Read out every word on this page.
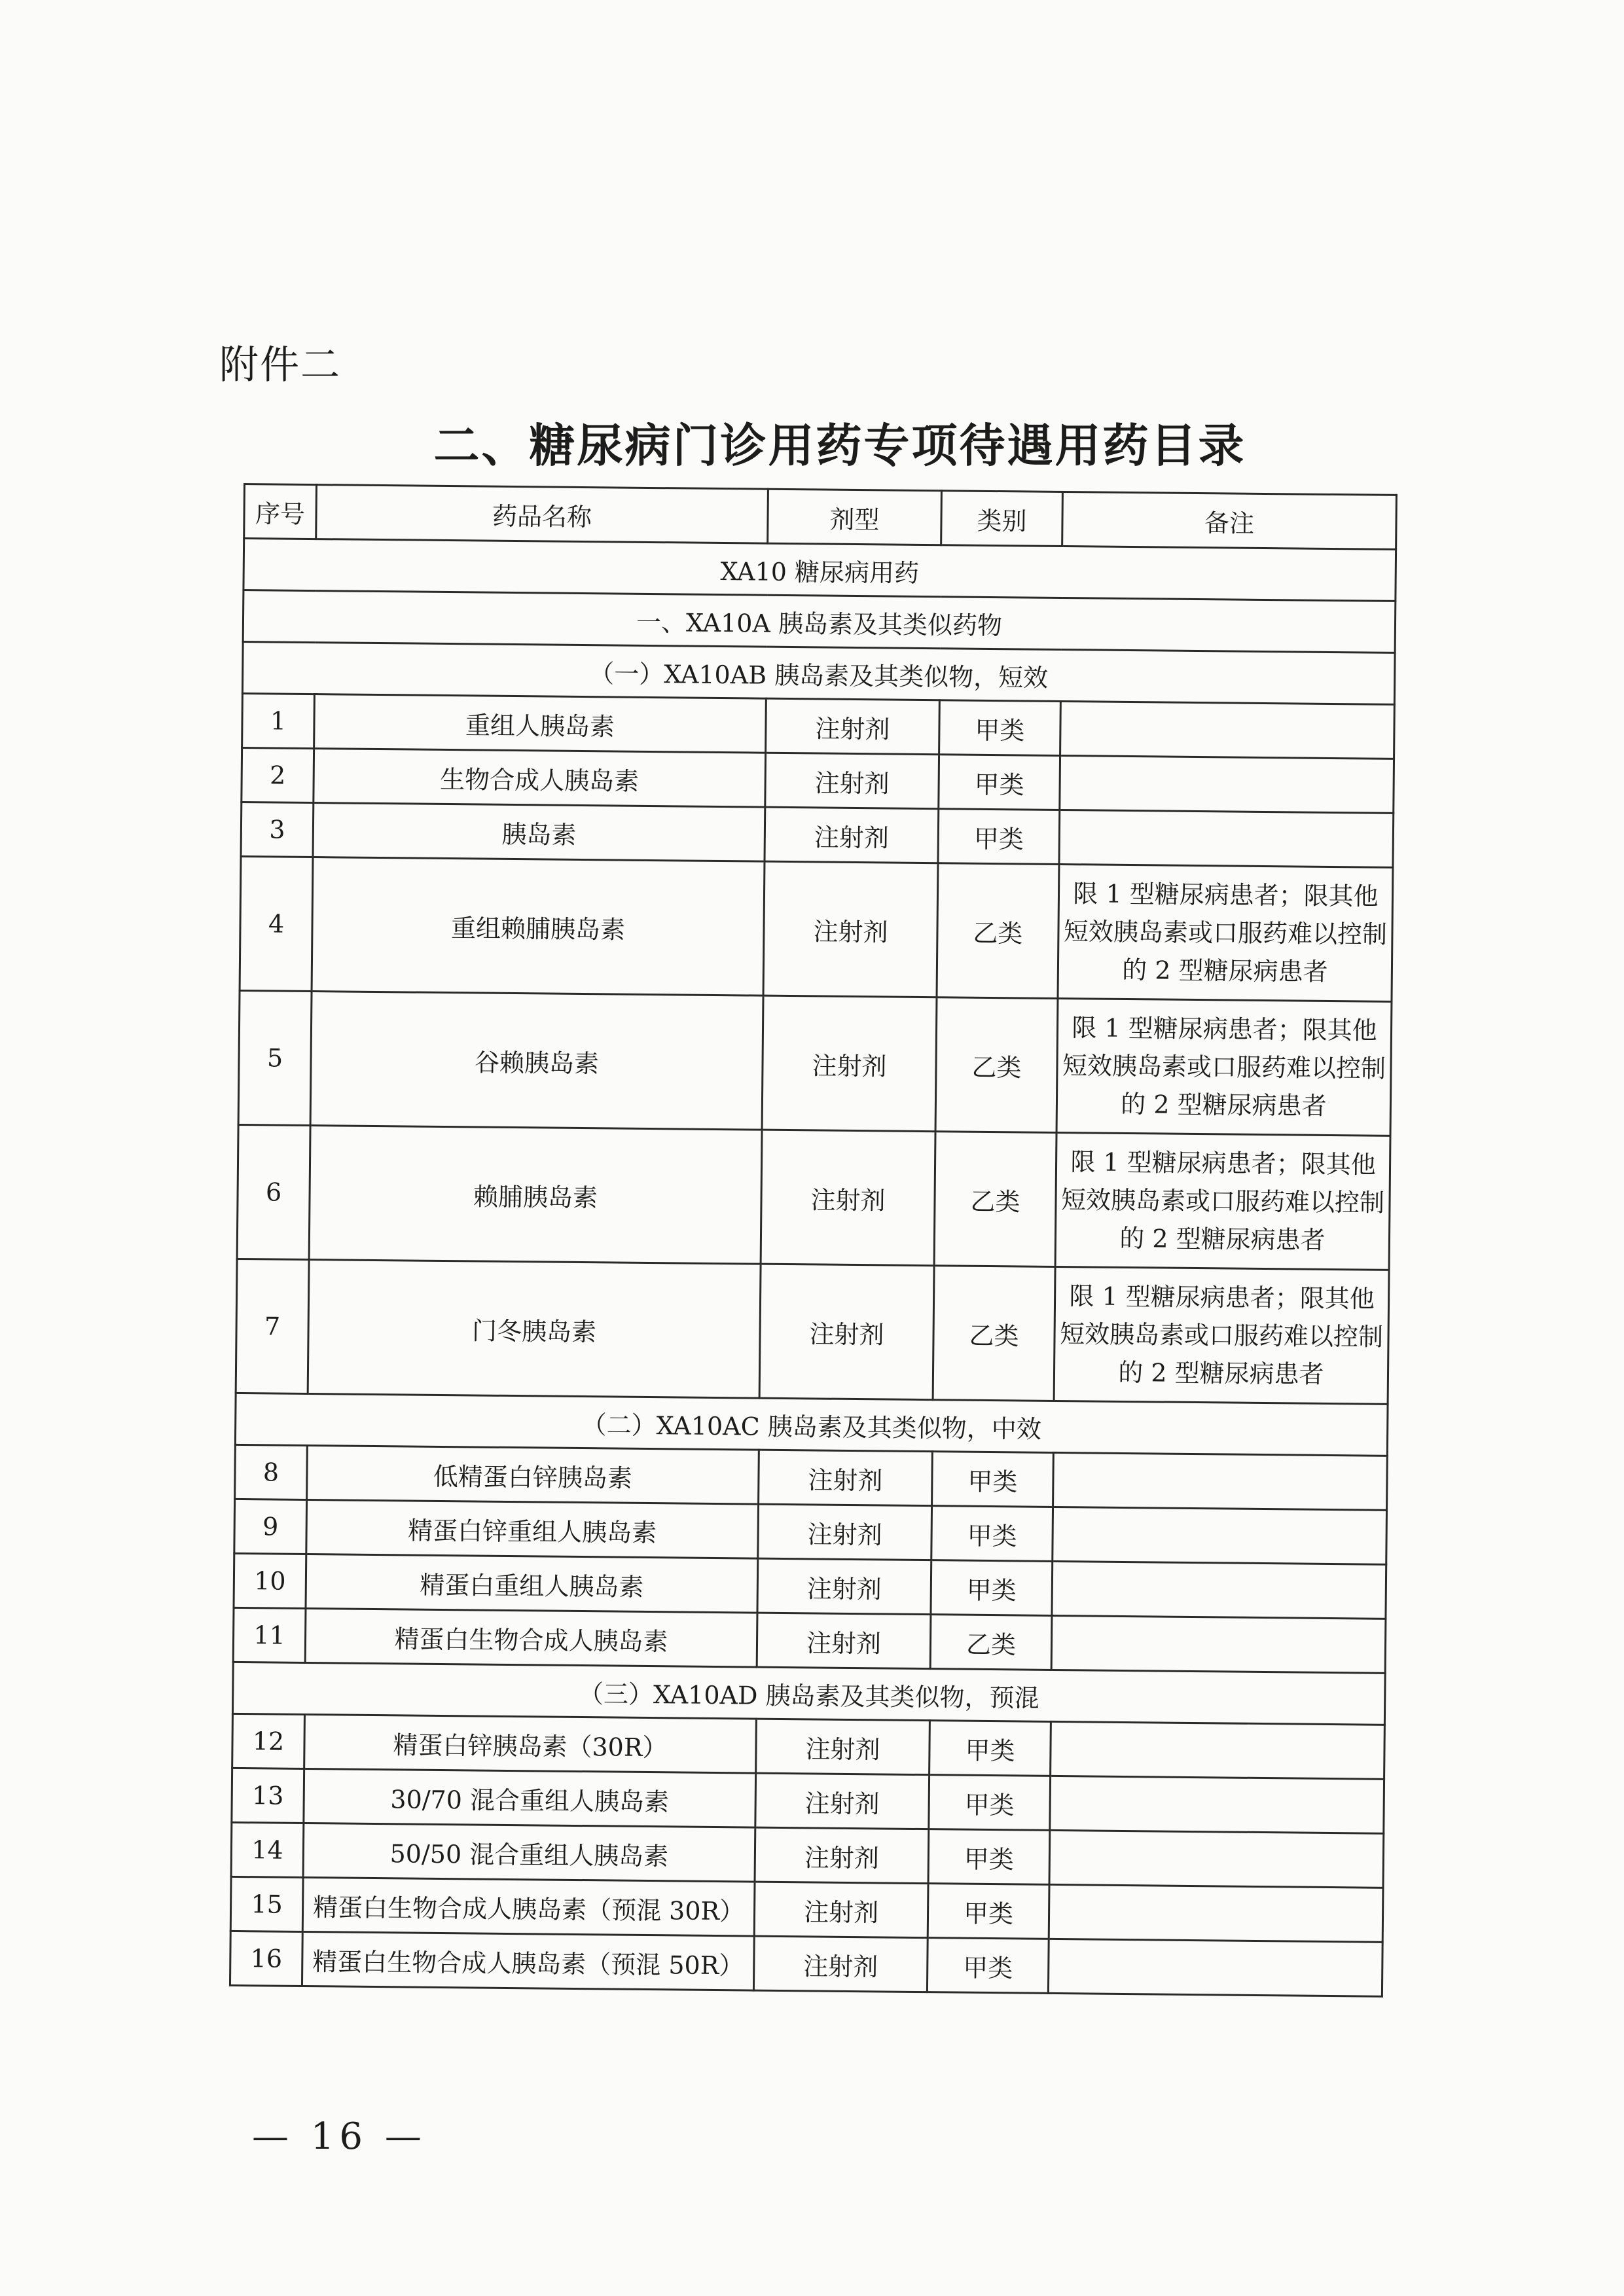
附件二
二、糖尿病门诊用药专项待遇用药目录
序号	药品名称	剂型	类别	备注
XA10 糖尿病用药				
一、XA10A 胰岛素及其类似药物				
（一）XA10AB 胰岛素及其类似物，短效				
1	重组人胰岛素	注射剂	甲类	
2	生物合成人胰岛素	注射剂	甲类	
3	胰岛素	注射剂	甲类	
4	重组赖脯胰岛素	注射剂	乙类	限 1 型糖尿病患者；限其他短效胰岛素或口服药难以控制的 2 型糖尿病患者
5	谷赖胰岛素	注射剂	乙类	限 1 型糖尿病患者；限其他短效胰岛素或口服药难以控制的 2 型糖尿病患者
6	赖脯胰岛素	注射剂	乙类	限 1 型糖尿病患者；限其他短效胰岛素或口服药难以控制的 2 型糖尿病患者
7	门冬胰岛素	注射剂	乙类	限 1 型糖尿病患者；限其他短效胰岛素或口服药难以控制的 2 型糖尿病患者
（二）XA10AC 胰岛素及其类似物，中效				
8	低精蛋白锌胰岛素	注射剂	甲类	
9	精蛋白锌重组人胰岛素	注射剂	甲类	
10	精蛋白重组人胰岛素	注射剂	甲类	
11	精蛋白生物合成人胰岛素	注射剂	乙类	
（三）XA10AD 胰岛素及其类似物，预混				
12	精蛋白锌胰岛素（30R）	注射剂	甲类	
13	30/70 混合重组人胰岛素	注射剂	甲类	
14	50/50 混合重组人胰岛素	注射剂	甲类	
15	精蛋白生物合成人胰岛素（预混 30R）	注射剂	甲类	
16	精蛋白生物合成人胰岛素（预混 50R）	注射剂	甲类	
— 16 —
